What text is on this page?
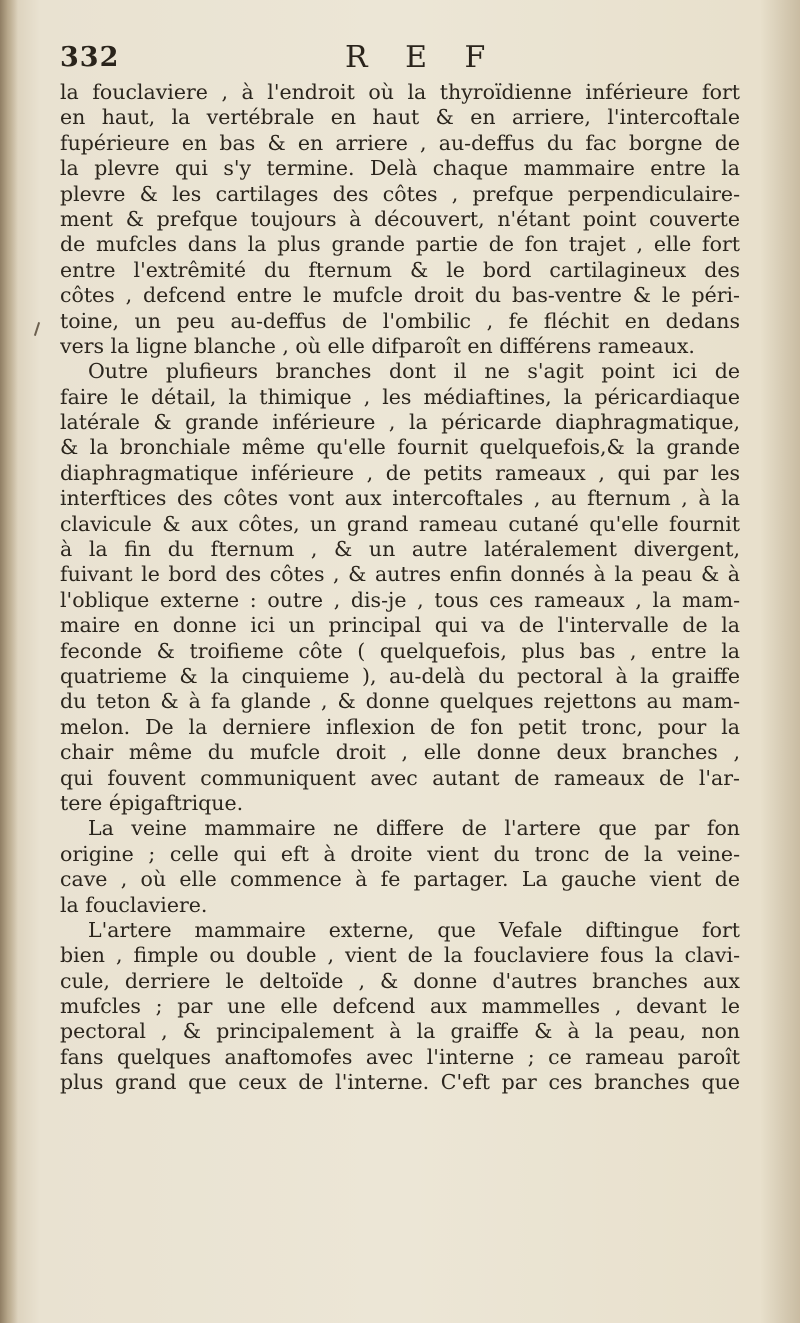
332	R E F
la fouclaviere , à l'endroit où la thyroïdienne inférieure fort
en haut, la vertébrale en haut & en arriere, l'intercoftale
fupérieure en bas & en arriere , au-deffus du fac borgne de
la plevre qui s'y termine. Delà chaque mammaire entre la
plevre & les cartilages des côtes , prefque perpendiculaire-
ment & prefque toujours à découvert, n'étant point couverte
de mufcles dans la plus grande partie de fon trajet , elle fort
entre l'extrêmité du fternum & le bord cartilagineux des
côtes , defcend entre le mufcle droit du bas-ventre & le péri-
toine, un peu au-deffus de l'ombilic , fe fléchit en dedans
vers la ligne blanche , où elle difparoît en différens rameaux.
Outre plufieurs branches dont il ne s'agit point ici de
faire le détail, la thimique , les médiaftines, la péricardiaque
latérale & grande inférieure , la péricarde diaphragmatique,
& la bronchiale même qu'elle fournit quelquefois,& la grande
diaphragmatique inférieure , de petits rameaux , qui par les
interftices des côtes vont aux intercoftales , au fternum , à la
clavicule & aux côtes, un grand rameau cutané qu'elle fournit
à la fin du fternum , & un autre latéralement divergent,
fuivant le bord des côtes , & autres enfin donnés à la peau & à
l'oblique externe : outre , dis-je , tous ces rameaux , la mam-
maire en donne ici un principal qui va de l'intervalle de la
feconde & troifieme côte ( quelquefois, plus bas , entre la
quatrieme & la cinquieme ), au-delà du pectoral à la graiffe
du teton & à fa glande , & donne quelques rejettons au mam-
melon. De la derniere inflexion de fon petit tronc, pour la
chair même du mufcle droit , elle donne deux branches ,
qui fouvent communiquent avec autant de rameaux de l'ar-
tere épigaftrique.
La veine mammaire ne differe de l'artere que par fon
origine ; celle qui eft à droite vient du tronc de la veine-
cave , où elle commence à fe partager. La gauche vient de
la fouclaviere.
L'artere mammaire externe, que Vefale diftingue fort
bien , fimple ou double , vient de la fouclaviere fous la clavi-
cule, derriere le deltoïde , & donne d'autres branches aux
mufcles ; par une elle defcend aux mammelles , devant le
pectoral , & principalement à la graiffe & à la peau, non
fans quelques anaftomofes avec l'interne ; ce rameau paroît
plus grand que ceux de l'interne. C'eft par ces branches que
